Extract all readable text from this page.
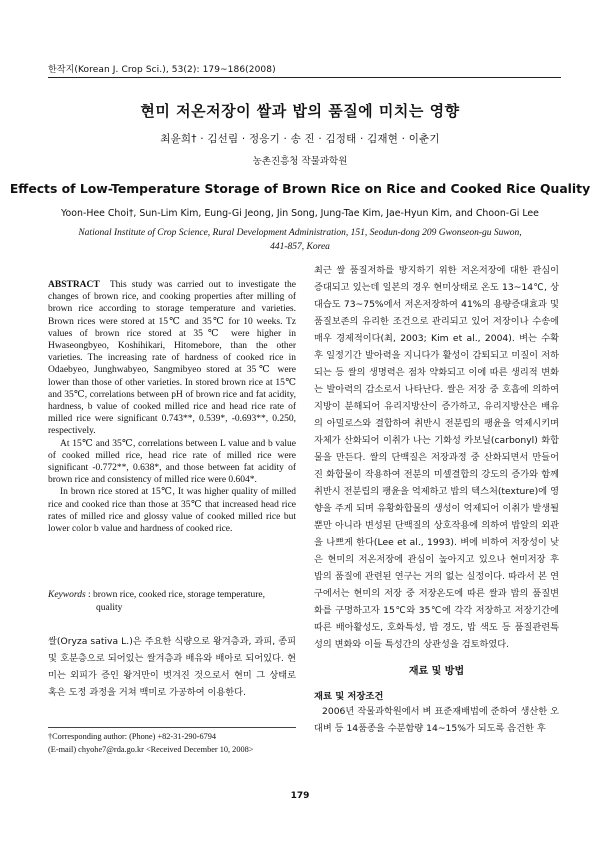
한작지(Korean J. Crop Sci.), 53(2): 179~186(2008)
현미 저온저장이 쌀과 밥의 품질에 미치는 영향
최윤희† · 김선림 · 정응기 · 송 진 · 김정태 · 김재현 · 이춘기
농촌진흥청 작물과학원
Effects of Low-Temperature Storage of Brown Rice on Rice and Cooked Rice Quality
Yoon-Hee Choi†, Sun-Lim Kim, Eung-Gi Jeong, Jin Song, Jung-Tae Kim, Jae-Hyun Kim, and Choon-Gi Lee
National Institute of Crop Science, Rural Development Administration, 151, Seodun-dong 209 Gwonseon-gu Suwon, 441-857, Korea

ABSTRACT This study was carried out to investigate the changes of brown rice, and cooking properties after milling of brown rice according to storage temperature and varieties. Brown rices were stored at 15℃ and 35℃ for 10 weeks. Tz values of brown rice stored at 35℃ were higher in Hwaseongbyeo, Koshihikari, Hitomebore, than the other varieties. The increasing rate of hardness of cooked rice in Odaebyeo, Junghwabyeo, Sangmibyeo stored at 35℃ were lower than those of other varieties. In stored brown rice at 15℃ and 35℃, correlations between pH of brown rice and fat acidity, hardness, b value of cooked milled rice and head rice rate of milled rice were significant 0.743**, 0.539*, -0.693**, 0.250, respectively.

At 15℃ and 35℃, correlations between L value and b value of cooked milled rice, head rice rate of milled rice were significant -0.772**, 0.638*, and those between fat acidity of brown rice and consistency of milled rice were 0.604*.

In brown rice stored at 15℃, It was higher quality of milled rice and cooked rice than those at 35℃ that increased head rice rates of milled rice and glossy value of cooked milled rice but lower color b value and hardness of cooked rice.

Keywords : brown rice, cooked rice, storage temperature,
quality

쌀(Oryza sativa L.)은 주요한 식량으로 왕겨층과, 과피, 종피 및 호분층으로 되어있는 쌀겨층과 배유와 배아로 되어있다. 현미는 외피가 증인 왕겨만이 벗겨진 것으로서 현미 그 상태로 혹은 도정 과정을 거쳐 백미로 가공하여 이용한다.

†Corresponding author: (Phone) +82-31-290-6794

(E-mail) chyohe7@rda.go.kr <Received December 10, 2008>

최근 쌀 품질저하를 방지하기 위한 저온저장에 대한 관심이 증대되고 있는데 일본의 경우 현미상태로 온도 13~14℃, 상대습도 73~75%에서 저온저장하여 41%의 용량증대효과 및 품질보존의 유리한 조건으로 관리되고 있어 저장이나 수송에 매우 경제적이다(최, 2003; Kim et al., 2004). 벼는 수확 후 일정기간 발아력을 지니다가 활성이 감퇴되고 미질이 저하되는 등 쌀의 생명력은 점차 약화되고 이에 따른 생리적 변화는 발아력의 감소로서 나타난다. 쌀은 저장 중 호흡에 의하여 지방이 분해되어 유리지방산이 증가하고, 유리지방산은 배유의 아밀로스와 결합하여 취반시 전분립의 팽윤을 억제시키며 자체가 산화되어 이취가 나는 기화성 카보닐(carbonyl) 화합물을 만든다. 쌀의 단백질은 저장과정 중 산화되면서 만들어진 화합물이 작용하여 전분의 미셀결합의 강도의 증가와 함께 취반시 전분립의 팽윤을 억제하고 밥의 텍스처(texture)에 영향을 주게 되며 유황화합물의 생성이 억제되어 이취가 발생될 뿐만 아니라 변성된 단백질의 상호작용에 의하여 밥알의 외관을 나쁘게 한다(Lee et al., 1993). 벼에 비하여 저장성이 낮은 현미의 저온저장에 관심이 높아지고 있으나 현미저장 후 밥의 품질에 관련된 연구는 거의 없는 실정이다. 따라서 본 연구에서는 현미의 저장 중 저장온도에 따른 쌀과 밥의 품질변화를 구명하고자 15℃와 35℃에 각각 저장하고 저장기간에 따른 배아활성도, 호화특성, 밥 경도, 밥 색도 등 품질관련특성의 변화와 이들 특성간의 상관성을 검토하였다.

재료 및 방법
재료 및 저장조건

2006년 작물과학원에서 벼 표준재배법에 준하여 생산한 오대벼 등 14품종을 수분함량 14~15%가 되도록 음건한 후

179
